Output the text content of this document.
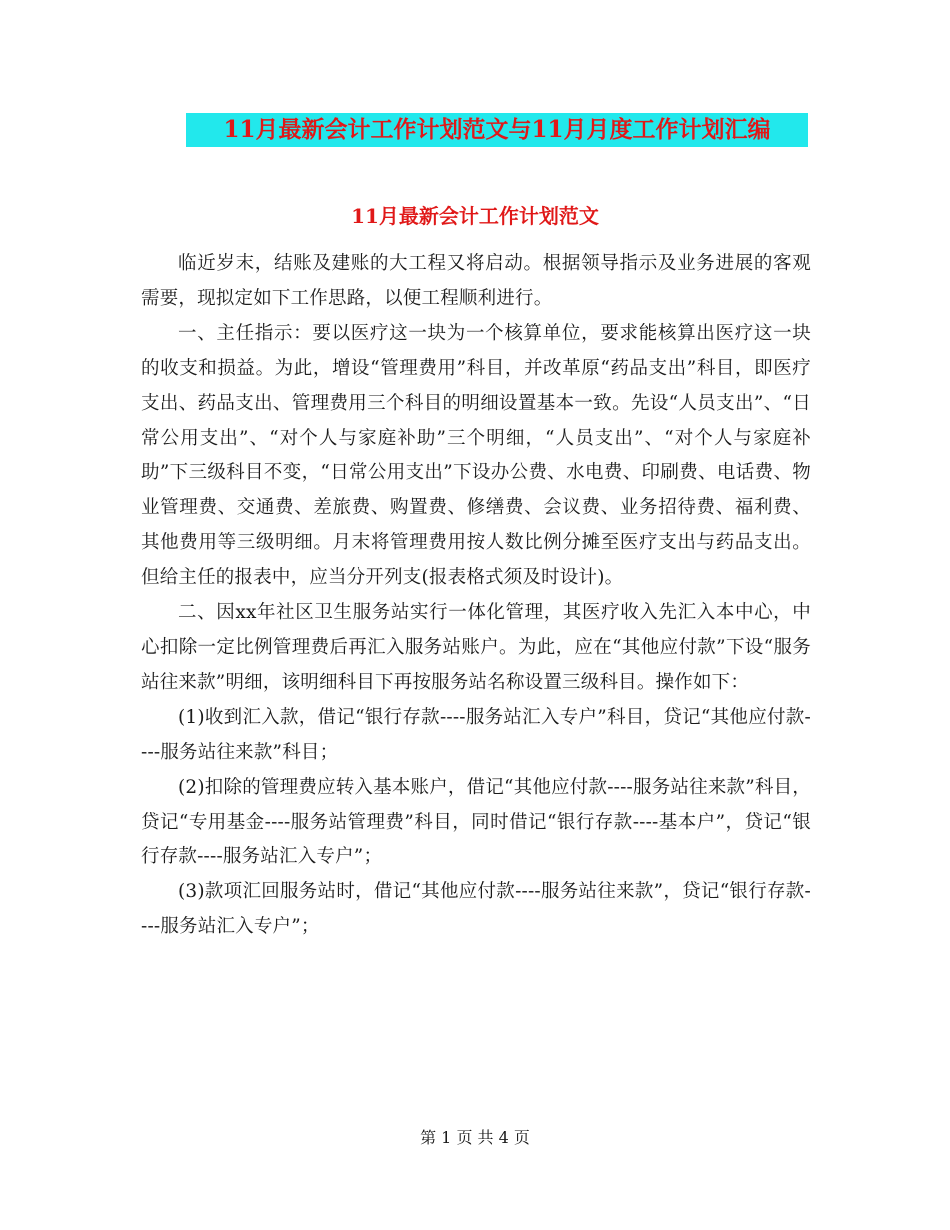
11月最新会计工作计划范文与11月月度工作计划汇编
11月最新会计工作计划范文

临近岁末，结账及建账的大工程又将启动。根据领导指示及业务进展的客观需要，现拟定如下工作思路，以便工程顺利进行。

一、主任指示：要以医疗这一块为一个核算单位，要求能核算出医疗这一块的收支和损益。为此，增设“管理费用”科目，并改革原“药品支出”科目，即医疗支出、药品支出、管理费用三个科目的明细设置基本一致。先设“人员支出”、“日常公用支出”、“对个人与家庭补助”三个明细，“人员支出”、“对个人与家庭补助”下三级科目不变，“日常公用支出”下设办公费、水电费、印刷费、电话费、物业管理费、交通费、差旅费、购置费、修缮费、会议费、业务招待费、福利费、其他费用等三级明细。月末将管理费用按人数比例分摊至医疗支出与药品支出。但给主任的报表中，应当分开列支(报表格式须及时设计)。

二、因xx年社区卫生服务站实行一体化管理，其医疗收入先汇入本中心，中心扣除一定比例管理费后再汇入服务站账户。为此，应在“其他应付款”下设“服务站往来款”明细，该明细科目下再按服务站名称设置三级科目。操作如下：

(1)收到汇入款，借记“银行存款----服务站汇入专户”科目，贷记“其他应付款----服务站往来款”科目；

(2)扣除的管理费应转入基本账户，借记“其他应付款----服务站往来款”科目，贷记“专用基金----服务站管理费”科目，同时借记“银行存款----基本户”，贷记“银行存款----服务站汇入专户”；

(3)款项汇回服务站时，借记“其他应付款----服务站往来款”，贷记“银行存款----服务站汇入专户”；

第 1 页 共 4 页
